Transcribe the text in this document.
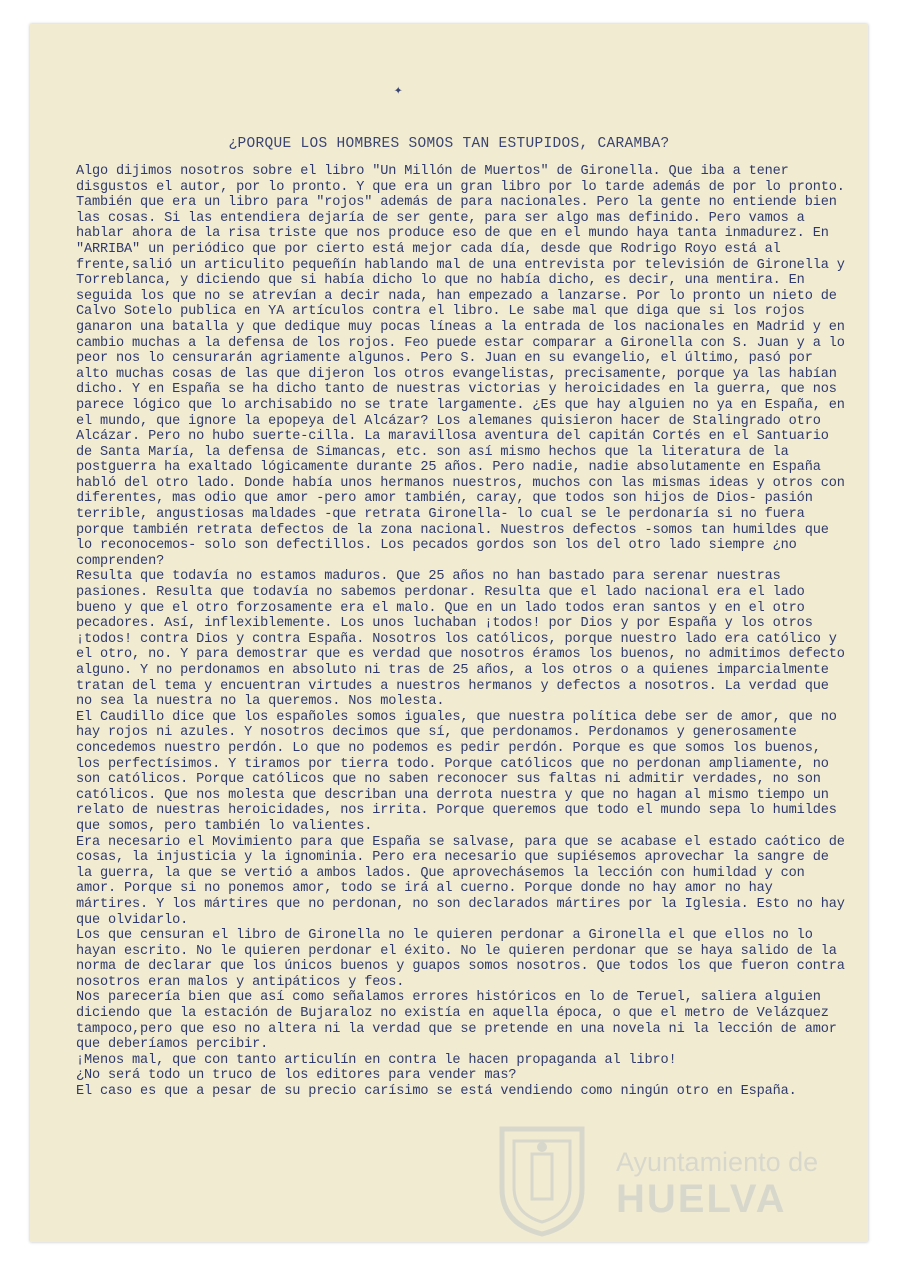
✦
¿PORQUE LOS HOMBRES SOMOS TAN ESTUPIDOS, CARAMBA?

Algo dijimos nosotros sobre el libro "Un Millón de Muertos" de Gironella. Que iba a tener disgustos el autor, por lo pronto. Y que era un gran libro por lo tarde además de por lo pronto. También que era un libro para "rojos" además de para nacionales. Pero la gente no entiende bien las cosas. Si las entendiera dejaría de ser gente, para ser algo mas definido. Pero vamos a hablar ahora de la risa triste que nos produce eso de que en el mundo haya tanta inmadurez. En "ARRIBA" un periódico que por cierto está mejor cada día, desde que Rodrigo Royo está al frente,salió un articulito pequeñín hablando mal de una entrevista por televisión de Gironella y Torreblanca, y diciendo que si había dicho lo que no había dicho, es decir, una mentira. En seguida los que no se atrevían a decir nada, han empezado a lanzarse. Por lo pronto un nieto de Calvo Sotelo publica en YA artículos contra el libro. Le sabe mal que diga que si los rojos ganaron una batalla y que dedique muy pocas líneas a la entrada de los nacionales en Madrid y en cambio muchas a la defensa de los rojos. Feo puede estar comparar a Gironella con S. Juan y a lo peor nos lo censurarán agriamente algunos. Pero S. Juan en su evangelio, el último, pasó por alto muchas cosas de las que dijeron los otros evangelistas, precisamente, porque ya las habían dicho. Y en España se ha dicho tanto de nuestras victorias y heroicidades en la guerra, que nos parece lógico que lo archisabido no se trate largamente. ¿Es que hay alguien no ya en España, en el mundo, que ignore la epopeya del Alcázar? Los alemanes quisieron hacer de Stalingrado otro Alcázar. Pero no hubo suerte-cilla. La maravillosa aventura del capitán Cortés en el Santuario de Santa María, la defensa de Simancas, etc. son así mismo hechos que la literatura de la postguerra ha exaltado lógicamente durante 25 años. Pero nadie, nadie absolutamente en España habló del otro lado. Donde había unos hermanos nuestros, muchos con las mismas ideas y otros con diferentes, mas odio que amor -pero amor también, caray, que todos son hijos de Dios- pasión terrible, angustiosas maldades -que retrata Gironella- lo cual se le perdonaría si no fuera porque también retrata defectos de la zona nacional. Nuestros defectos -somos tan humildes que lo reconocemos- solo son defectillos. Los pecados gordos son los del otro lado siempre ¿no comprenden?

Resulta que todavía no estamos maduros. Que 25 años no han bastado para serenar nuestras pasiones. Resulta que todavía no sabemos perdonar. Resulta que el lado nacional era el lado bueno y que el otro forzosamente era el malo. Que en un lado todos eran santos y en el otro pecadores. Así, inflexiblemente. Los unos luchaban ¡todos! por Dios y por España y los otros ¡todos! contra Dios y contra España. Nosotros los católicos, porque nuestro lado era católico y el otro, no. Y para demostrar que es verdad que nosotros éramos los buenos, no admitimos defecto alguno. Y no perdonamos en absoluto ni tras de 25 años, a los otros o a quienes imparcialmente tratan del tema y encuentran virtudes a nuestros hermanos y defectos a nosotros. La verdad que no sea la nuestra no la queremos. Nos molesta.

El Caudillo dice que los españoles somos iguales, que nuestra política debe ser de amor, que no hay rojos ni azules. Y nosotros decimos que sí, que perdonamos. Perdonamos y generosamente concedemos nuestro perdón. Lo que no podemos es pedir perdón. Porque es que somos los buenos, los perfectísimos. Y tiramos por tierra todo. Porque católicos que no perdonan ampliamente, no son católicos. Porque católicos que no saben reconocer sus faltas ni admitir verdades, no son católicos. Que nos molesta que describan una derrota nuestra y que no hagan al mismo tiempo un relato de nuestras heroicidades, nos irrita. Porque queremos que todo el mundo sepa lo humildes que somos, pero también lo valientes.

Era necesario el Movimiento para que España se salvase, para que se acabase el estado caótico de cosas, la injusticia y la ignominia. Pero era necesario que supiésemos aprovechar la sangre de la guerra, la que se vertió a ambos lados. Que aprovechásemos la lección con humildad y con amor. Porque si no ponemos amor, todo se irá al cuerno. Porque donde no hay amor no hay mártires. Y los mártires que no perdonan, no son declarados mártires por la Iglesia. Esto no hay que olvidarlo.

Los que censuran el libro de Gironella no le quieren perdonar a Gironella el que ellos no lo hayan escrito. No le quieren perdonar el éxito. No le quieren perdonar que se haya salido de la norma de declarar que los únicos buenos y guapos somos nosotros. Que todos los que fueron contra nosotros eran malos y antipáticos y feos.

Nos parecería bien que así como señalamos errores históricos en lo de Teruel, saliera alguien diciendo que la estación de Bujaraloz no existía en aquella época, o que el metro de Velázquez tampoco,pero que eso no altera ni la verdad que se pretende en una novela ni la lección de amor que deberíamos percibir.

¡Menos mal, que con tanto articulín en contra le hacen propaganda al libro!

¿No será todo un truco de los editores para vender mas?

El caso es que a pesar de su precio carísimo se está vendiendo como ningún otro en España.

Ayuntamiento de
HUELVA
